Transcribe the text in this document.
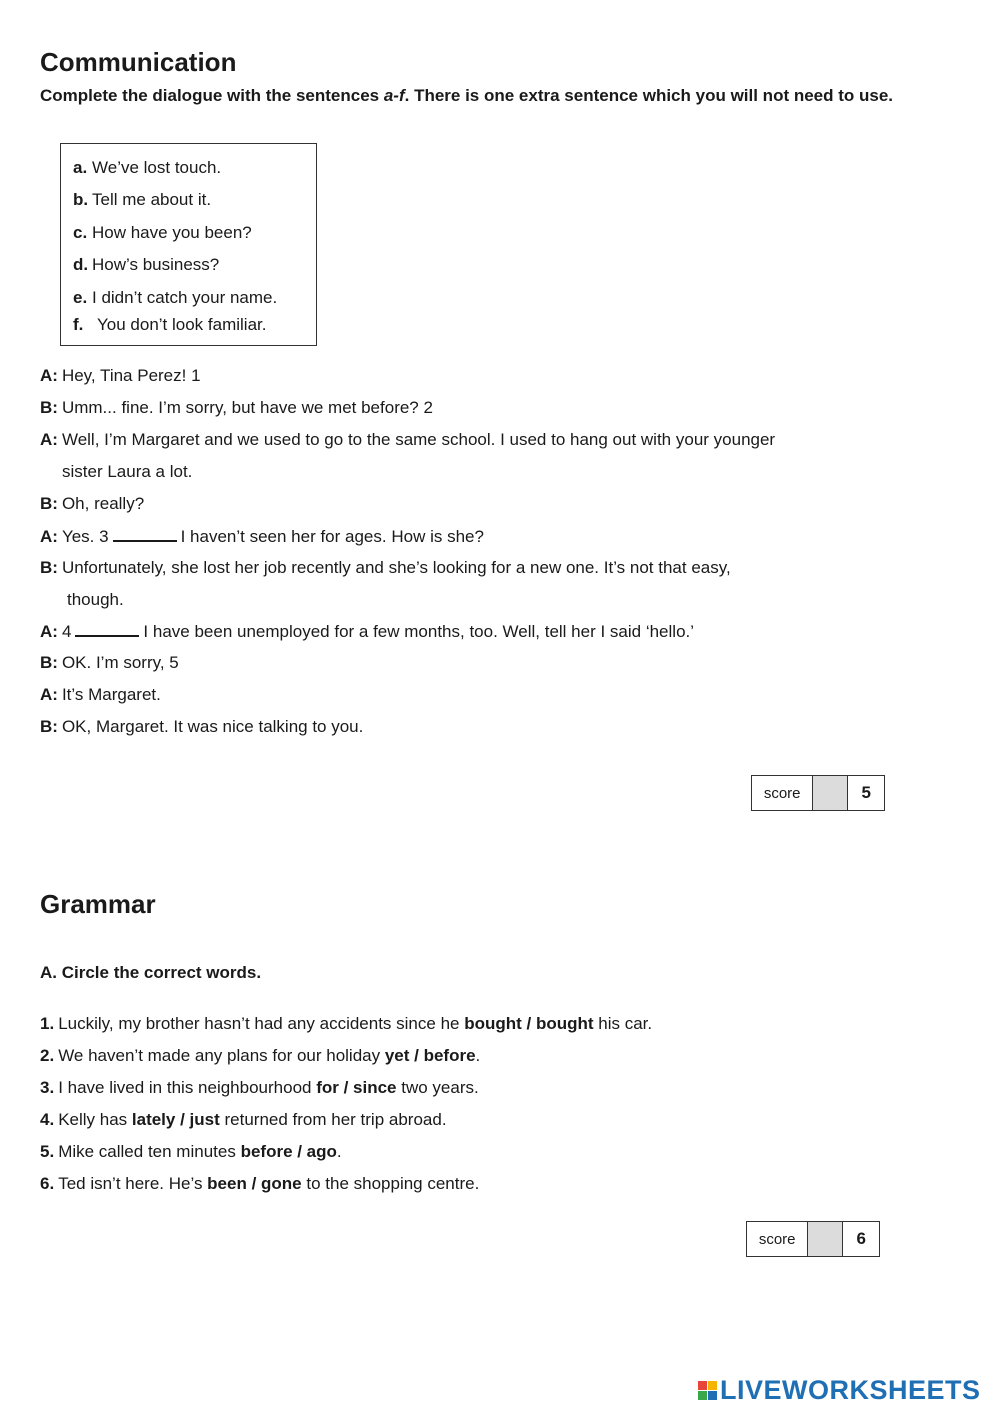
Communication
Complete the dialogue with the sentences a-f. There is one extra sentence which you will not need to use.
a. We’ve lost touch.
b. Tell me about it.
c. How have you been?
d. How’s business?
e. I didn’t catch your name.
f. You don’t look familiar.
A: Hey, Tina Perez! 1
B: Umm... fine. I’m sorry, but have we met before? 2
A: Well, I’m Margaret and we used to go to the same school. I used to hang out with your younger
sister Laura a lot.
B: Oh, really?
A: Yes. 3	I haven’t seen her for ages. How is she?
B: Unfortunately, she lost her job recently and she’s looking for a new one. It’s not that easy,
though.
A: 4	I have been unemployed for a few months, too. Well, tell her I said ‘hello.’
B: OK. I’m sorry, 5
A: It’s Margaret.
B: OK, Margaret. It was nice talking to you.
score	5
Grammar
A. Circle the correct words.
1. Luckily, my brother hasn’t had any accidents since he bought / bought his car.
2. We haven’t made any plans for our holiday yet / before.
3. I have lived in this neighbourhood for / since two years.
4. Kelly has lately / just returned from her trip abroad.
5. Mike called ten minutes before / ago.
6. Ted isn’t here. He’s been / gone to the shopping centre.
score	6
LIVEWORKSHEETS
